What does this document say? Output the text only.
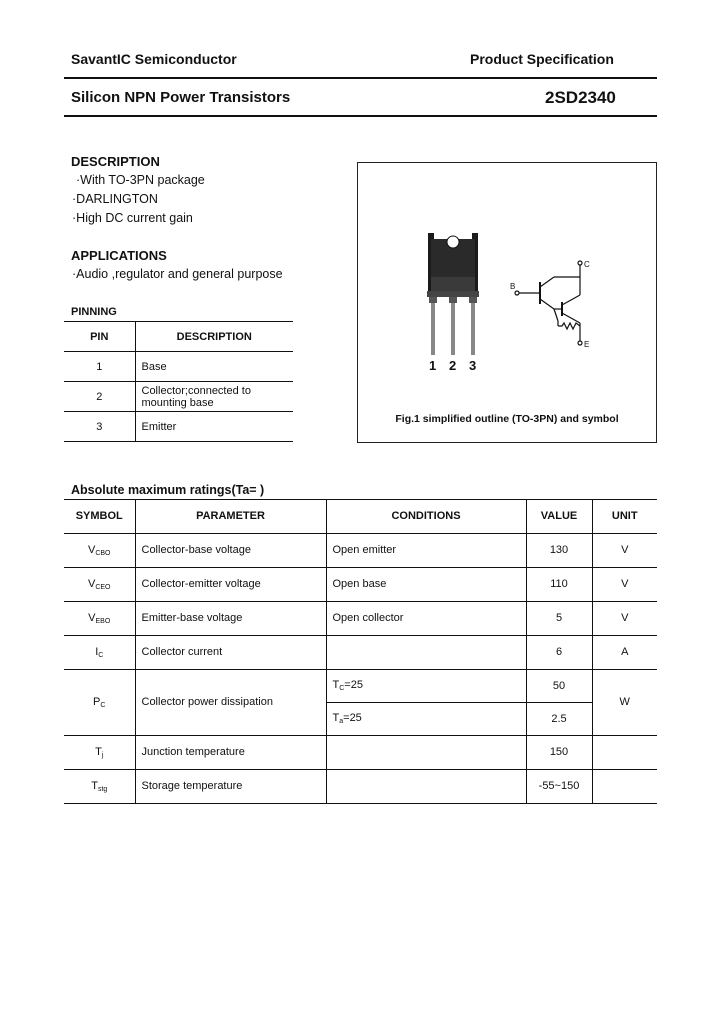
SavantIC Semiconductor	Product Specification
Silicon NPN Power Transistors	2SD2340
DESCRIPTION
·With TO-3PN package
·DARLINGTON
·High DC current gain
APPLICATIONS
·Audio ,regulator and general purpose
PINNING
PIN	DESCRIPTION
1	Base
2	Collector;connected to mounting base
3	Emitter
1 2 3
C
B
E
Fig.1 simplified outline (TO-3PN) and symbol
Absolute maximum ratings(Ta= )
SYMBOL	PARAMETER	CONDITIONS	VALUE	UNIT
$V_{CBO}$	Collector-base voltage	Open emitter	130	V
$V_{CEO}$	Collector-emitter voltage	Open base	110	V
$V_{EBO}$	Emitter-base voltage	Open collector	5	V
$I_C$	Collector current		6	A
$P_C$	Collector power dissipation	$T_C=25$	50	W
		$T_a=25$	2.5	
$T_j$	Junction temperature		150	
$T_{stg}$	Storage temperature		-55~150	
